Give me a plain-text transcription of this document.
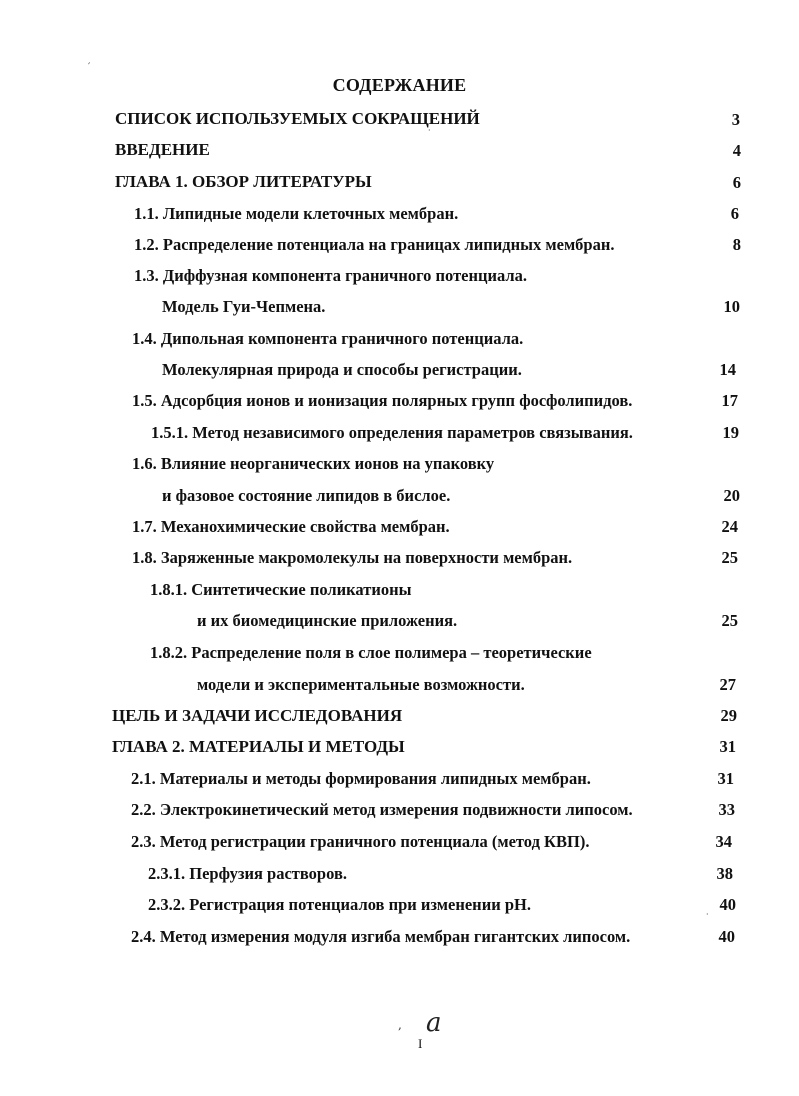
СОДЕРЖАНИЕ
СПИСОК ИСПОЛЬЗУЕМЫХ СОКРАЩЕНИЙ	3
ВВЕДЕНИЕ	4
ГЛАВА 1. ОБЗОР ЛИТЕРАТУРЫ	6
1.1. Липидные модели клеточных мембран.	6
1.2. Распределение потенциала на границах липидных мембран.	8
1.3. Диффузная компонента граничного потенциала.
Модель Гуи-Чепмена.	10
1.4. Дипольная компонента граничного потенциала.
Молекулярная природа и способы регистрации.	14
1.5. Адсорбция ионов и ионизация полярных групп фосфолипидов.	17
1.5.1. Метод независимого определения параметров связывания.	19
1.6. Влияние неорганических ионов на упаковку
и фазовое состояние липидов в бислое.	20
1.7. Механохимические свойства мембран.	24
1.8. Заряженные макромолекулы на поверхности мембран.	25
1.8.1. Синтетические поликатионы
и их биомедицинские приложения.	25
1.8.2. Распределение поля в слое полимера – теоретические
модели и экспериментальные возможности.	27
ЦЕЛЬ И ЗАДАЧИ ИССЛЕДОВАНИЯ	29
ГЛАВА 2. МАТЕРИАЛЫ И МЕТОДЫ	31
2.1. Материалы и методы формирования липидных мембран.	31
2.2. Электрокинетический метод измерения подвижности липосом.	33
2.3. Метод регистрации граничного потенциала (метод КВП).	34
2.3.1. Перфузия растворов.	38
2.3.2. Регистрация потенциалов при изменении рН.	40
2.4. Метод измерения модуля изгиба мембран гигантских липосом.	40
′
·
·
, a
I
